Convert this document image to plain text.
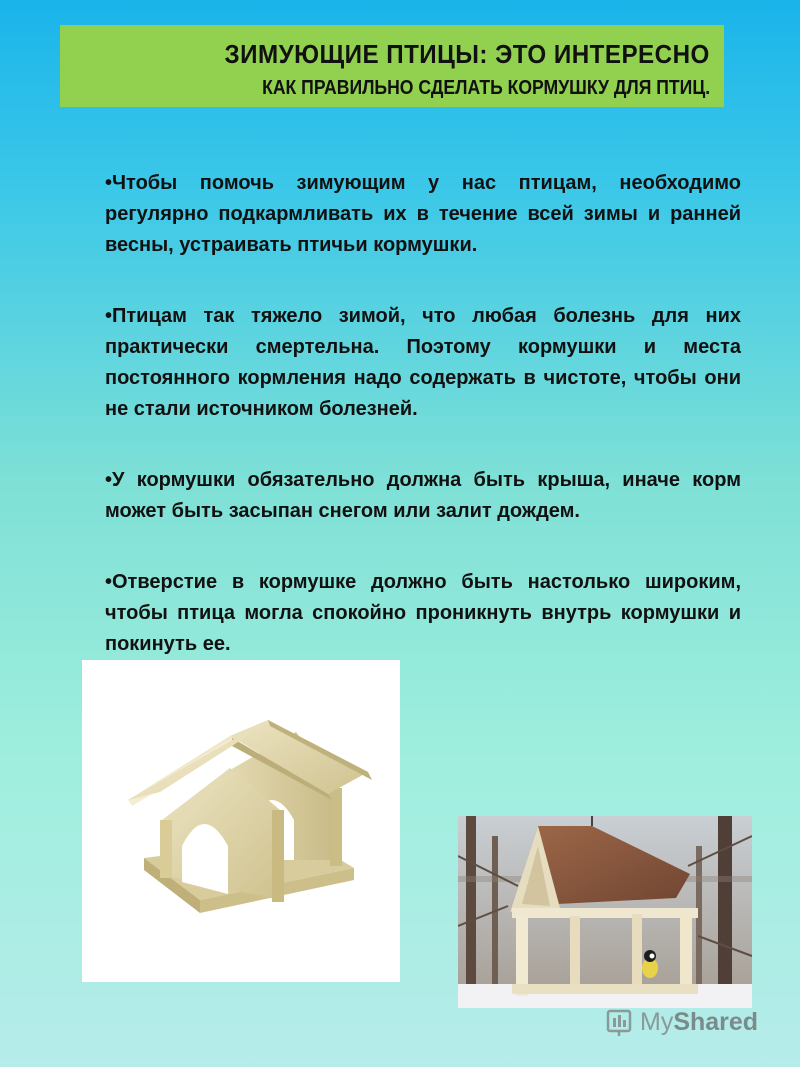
ЗИМУЮЩИЕ ПТИЦЫ: ЭТО ИНТЕРЕСНО
КАК ПРАВИЛЬНО СДЕЛАТЬ КОРМУШКУ ДЛЯ ПТИЦ.

•Чтобы помочь зимующим у нас птицам, необходимо регулярно подкармливать их в течение всей зимы и ранней весны, устраивать птичьи кормушки.

•Птицам так тяжело зимой, что любая болезнь для них практически смертельна. Поэтому кормушки и места постоянного кормления надо содержать в чистоте, чтобы они не стали источником болезней.

•У кормушки обязательно должна быть крыша, иначе корм может быть засыпан снегом или залит дождем.

•Отверстие в кормушке должно быть настолько широким, чтобы птица могла спокойно проникнуть внутрь кормушки и покинуть ее.

MyShared
